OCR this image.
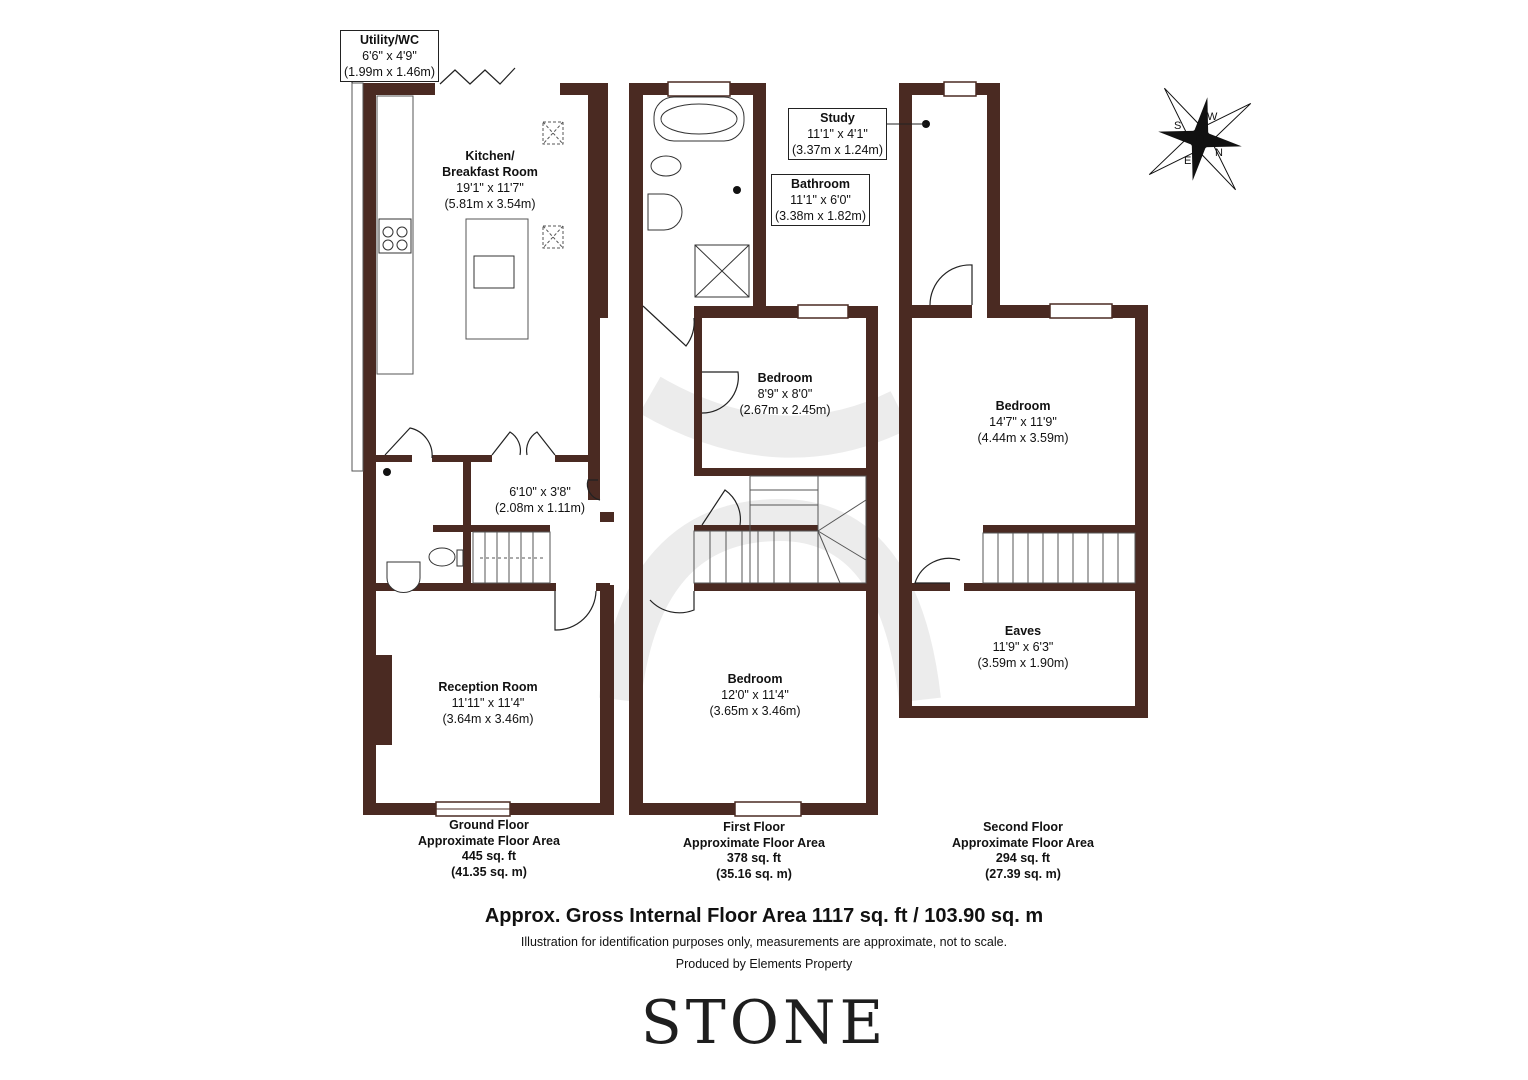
W
S
E
N
Utility/WC
6'6" x 4'9"
(1.99m x 1.46m)
Kitchen/
Breakfast Room
19'1" x 11'7"
(5.81m x 3.54m)
6'10" x 3'8"
(2.08m x 1.11m)
Reception Room
11'11" x 11'4"
(3.64m x 3.46m)
Bathroom
11'1" x 6'0"
(3.38m x 1.82m)
Study
11'1" x 4'1"
(3.37m x 1.24m)
Bedroom
8'9" x 8'0"
(2.67m x 2.45m)
Bedroom
12'0" x 11'4"
(3.65m x 3.46m)
Bedroom
14'7" x 11'9"
(4.44m x 3.59m)
Eaves
11'9" x 6'3"
(3.59m x 1.90m)
Ground Floor
Approximate Floor Area
445 sq. ft
(41.35 sq. m)
First Floor
Approximate Floor Area
378 sq. ft
(35.16 sq. m)
Second Floor
Approximate Floor Area
294 sq. ft
(27.39 sq. m)
Approx. Gross Internal Floor Area 1117 sq. ft / 103.90 sq. m
Illustration for identification purposes only, measurements are approximate, not to scale.
Produced by Elements Property
STONE
